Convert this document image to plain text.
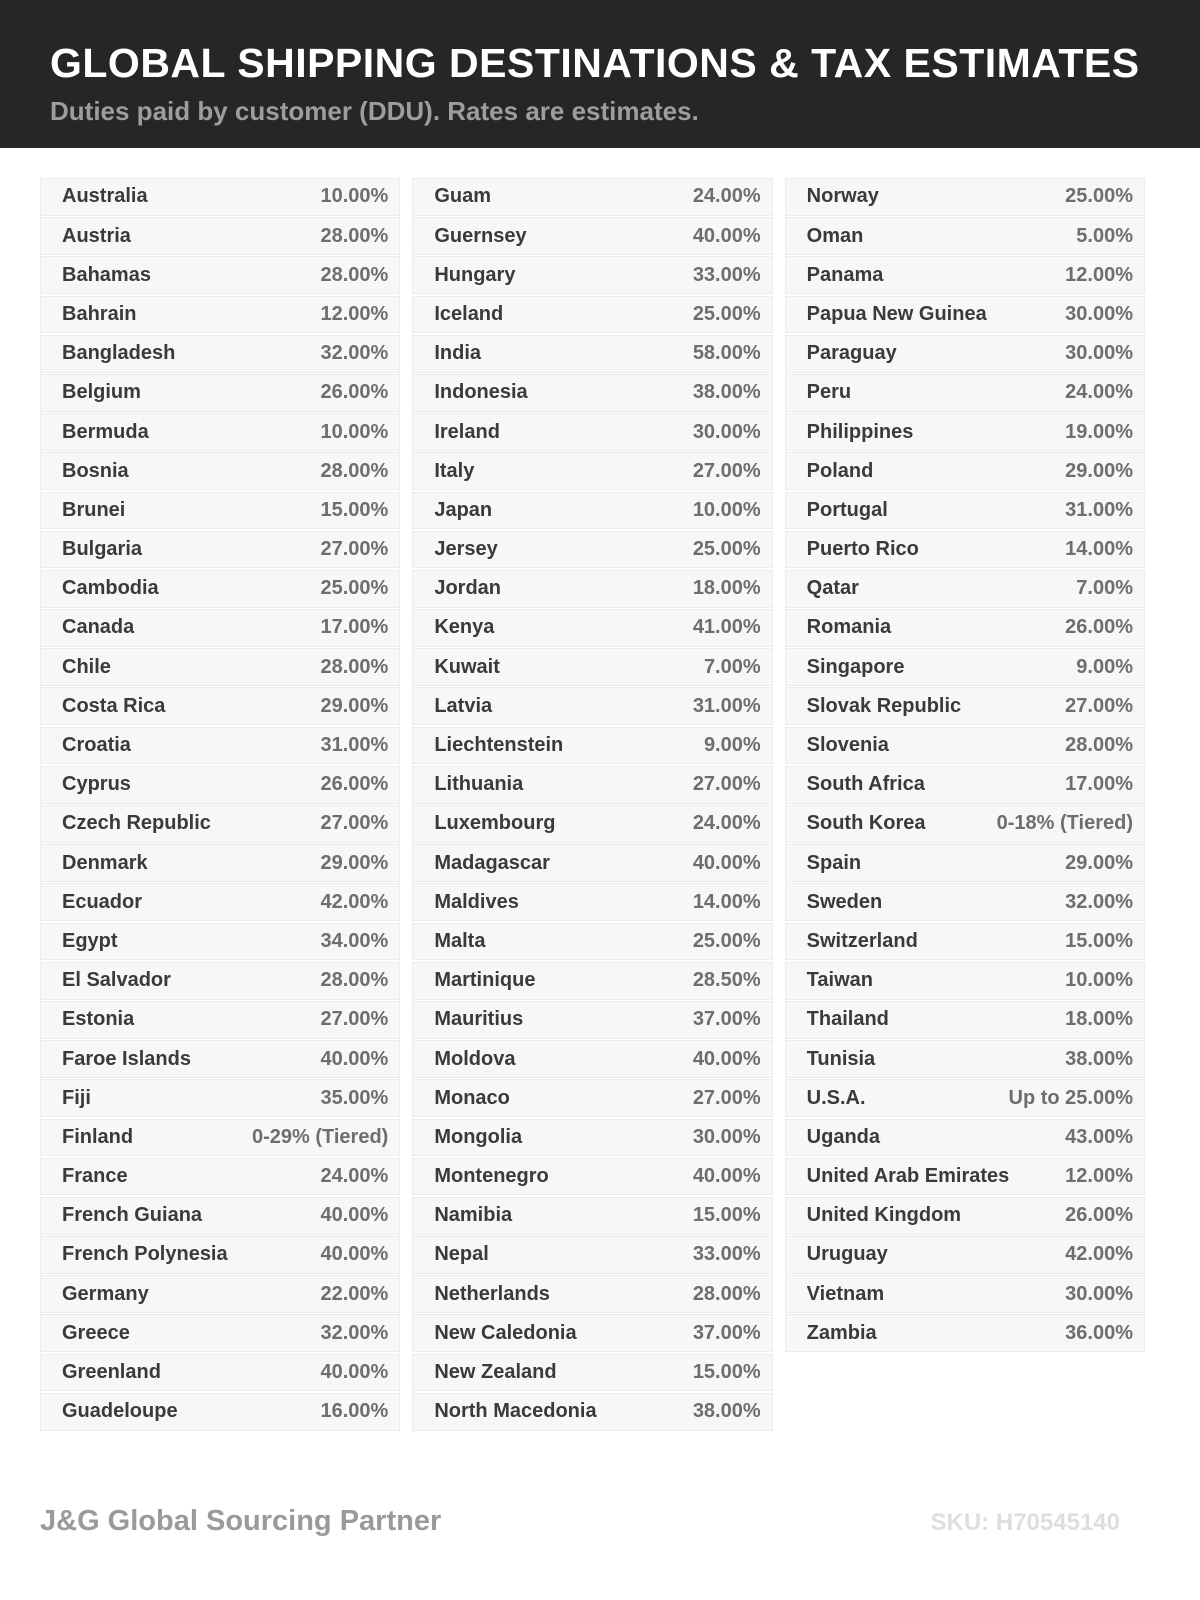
GLOBAL SHIPPING DESTINATIONS & TAX ESTIMATES

Duties paid by customer (DDU). Rates are estimates.

Australia	10.00%
Austria	28.00%
Bahamas	28.00%
Bahrain	12.00%
Bangladesh	32.00%
Belgium	26.00%
Bermuda	10.00%
Bosnia	28.00%
Brunei	15.00%
Bulgaria	27.00%
Cambodia	25.00%
Canada	17.00%
Chile	28.00%
Costa Rica	29.00%
Croatia	31.00%
Cyprus	26.00%
Czech Republic	27.00%
Denmark	29.00%
Ecuador	42.00%
Egypt	34.00%
El Salvador	28.00%
Estonia	27.00%
Faroe Islands	40.00%
Fiji	35.00%
Finland	0-29% (Tiered)
France	24.00%
French Guiana	40.00%
French Polynesia	40.00%
Germany	22.00%
Greece	32.00%
Greenland	40.00%
Guadeloupe	16.00%
Guam	24.00%
Guernsey	40.00%
Hungary	33.00%
Iceland	25.00%
India	58.00%
Indonesia	38.00%
Ireland	30.00%
Italy	27.00%
Japan	10.00%
Jersey	25.00%
Jordan	18.00%
Kenya	41.00%
Kuwait	7.00%
Latvia	31.00%
Liechtenstein	9.00%
Lithuania	27.00%
Luxembourg	24.00%
Madagascar	40.00%
Maldives	14.00%
Malta	25.00%
Martinique	28.50%
Mauritius	37.00%
Moldova	40.00%
Monaco	27.00%
Mongolia	30.00%
Montenegro	40.00%
Namibia	15.00%
Nepal	33.00%
Netherlands	28.00%
New Caledonia	37.00%
New Zealand	15.00%
North Macedonia	38.00%
Norway	25.00%
Oman	5.00%
Panama	12.00%
Papua New Guinea	30.00%
Paraguay	30.00%
Peru	24.00%
Philippines	19.00%
Poland	29.00%
Portugal	31.00%
Puerto Rico	14.00%
Qatar	7.00%
Romania	26.00%
Singapore	9.00%
Slovak Republic	27.00%
Slovenia	28.00%
South Africa	17.00%
South Korea	0-18% (Tiered)
Spain	29.00%
Sweden	32.00%
Switzerland	15.00%
Taiwan	10.00%
Thailand	18.00%
Tunisia	38.00%
U.S.A.	Up to 25.00%
Uganda	43.00%
United Arab Emirates	12.00%
United Kingdom	26.00%
Uruguay	42.00%
Vietnam	30.00%
Zambia	36.00%
J&G Global Sourcing Partner	SKU: H70545140
